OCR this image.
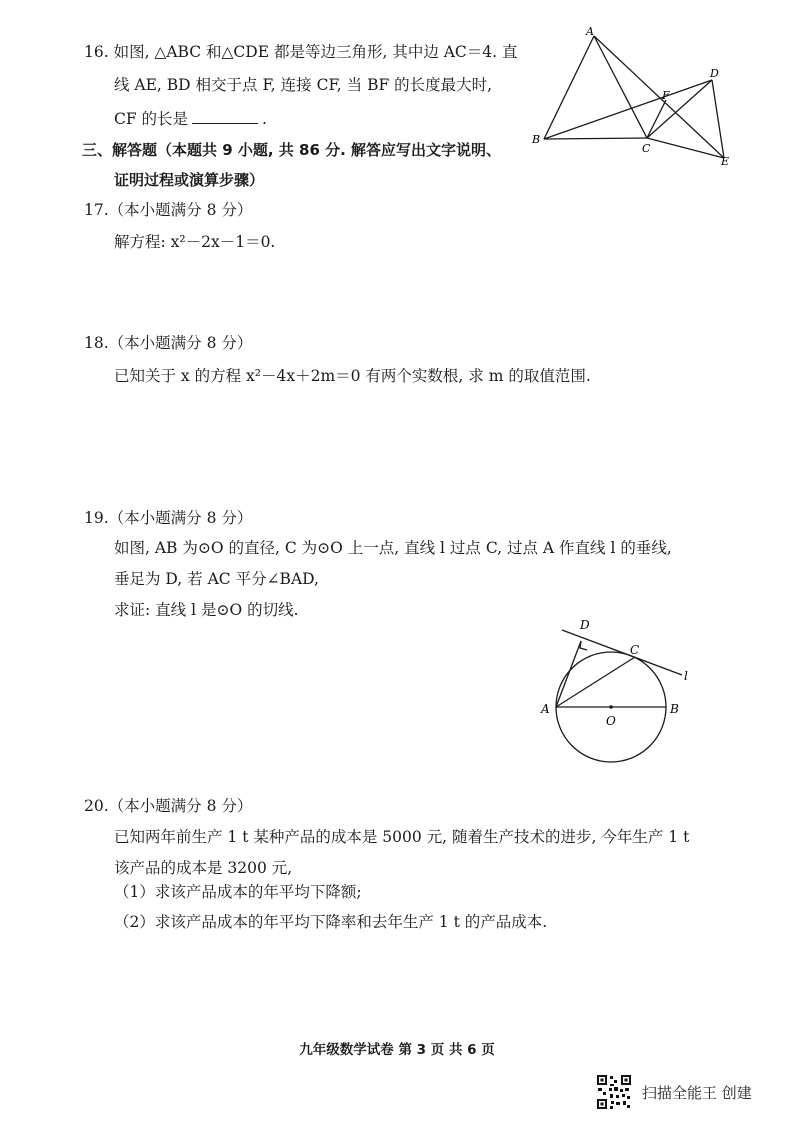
16. 如图, △ABC 和△CDE 都是等边三角形, 其中边 AC＝4. 直
线 AE, BD 相交于点 F, 连接 CF, 当 BF 的长度最大时,
CF 的长是	.
A
B
C
D
E
F
三、解答题（本题共 9 小题, 共 86 分. 解答应写出文字说明、
证明过程或演算步骤）
17.（本小题满分 8 分）
解方程: x²－2x－1＝0.
18.（本小题满分 8 分）
已知关于 x 的方程 x²－4x＋2m＝0 有两个实数根, 求 m 的取值范围.
19.（本小题满分 8 分）
如图, AB 为⊙O 的直径, C 为⊙O 上一点, 直线 l 过点 C, 过点 A 作直线 l 的垂线,
垂足为 D, 若 AC 平分∠BAD,
求证: 直线 l 是⊙O 的切线.
D
C
A
O
B
l
20.（本小题满分 8 分）
已知两年前生产 1 t 某种产品的成本是 5000 元, 随着生产技术的进步, 今年生产 1 t
该产品的成本是 3200 元,
（1）求该产品成本的年平均下降额;
（2）求该产品成本的年平均下降率和去年生产 1 t 的产品成本.
九年级数学试卷 第 3 页 共 6 页
扫描全能王 创建
